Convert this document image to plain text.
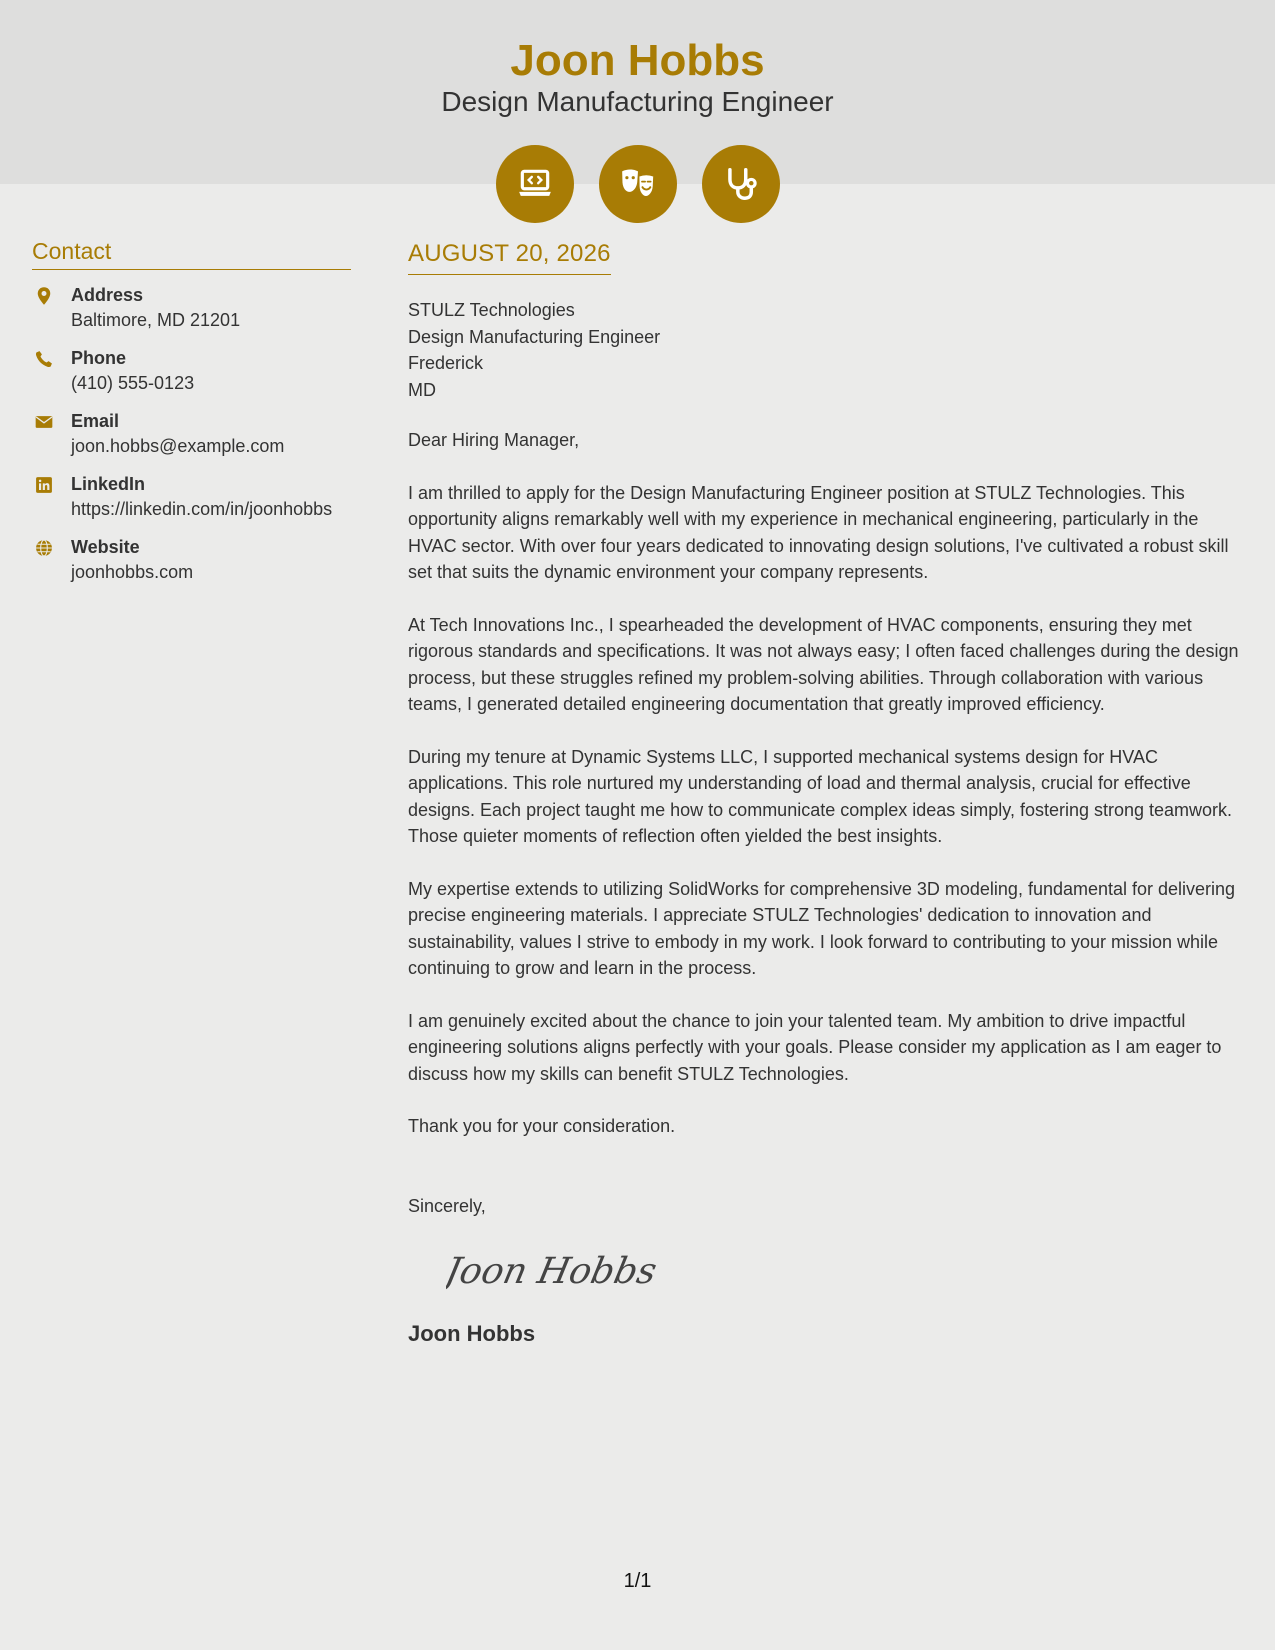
Joon Hobbs
Design Manufacturing Engineer
Contact
Address
Baltimore, MD 21201
Phone
(410) 555-0123
Email
joon.hobbs@example.com
LinkedIn
https://linkedin.com/in/joonhobbs
Website
joonhobbs.com
AUGUST 20, 2026
STULZ Technologies
Design Manufacturing Engineer
Frederick
MD
Dear Hiring Manager,
I am thrilled to apply for the Design Manufacturing Engineer position at STULZ Technologies. This opportunity aligns remarkably well with my experience in mechanical engineering, particularly in the HVAC sector. With over four years dedicated to innovating design solutions, I've cultivated a robust skill set that suits the dynamic environment your company represents.
At Tech Innovations Inc., I spearheaded the development of HVAC components, ensuring they met rigorous standards and specifications. It was not always easy; I often faced challenges during the design process, but these struggles refined my problem-solving abilities. Through collaboration with various teams, I generated detailed engineering documentation that greatly improved efficiency.
During my tenure at Dynamic Systems LLC, I supported mechanical systems design for HVAC applications. This role nurtured my understanding of load and thermal analysis, crucial for effective designs. Each project taught me how to communicate complex ideas simply, fostering strong teamwork. Those quieter moments of reflection often yielded the best insights.
My expertise extends to utilizing SolidWorks for comprehensive 3D modeling, fundamental for delivering precise engineering materials. I appreciate STULZ Technologies' dedication to innovation and sustainability, values I strive to embody in my work. I look forward to contributing to your mission while continuing to grow and learn in the process.
I am genuinely excited about the chance to join your talented team. My ambition to drive impactful engineering solutions aligns perfectly with your goals. Please consider my application as I am eager to discuss how my skills can benefit STULZ Technologies.
Thank you for your consideration.
Sincerely,
Joon Hobbs
Joon Hobbs
1/1
